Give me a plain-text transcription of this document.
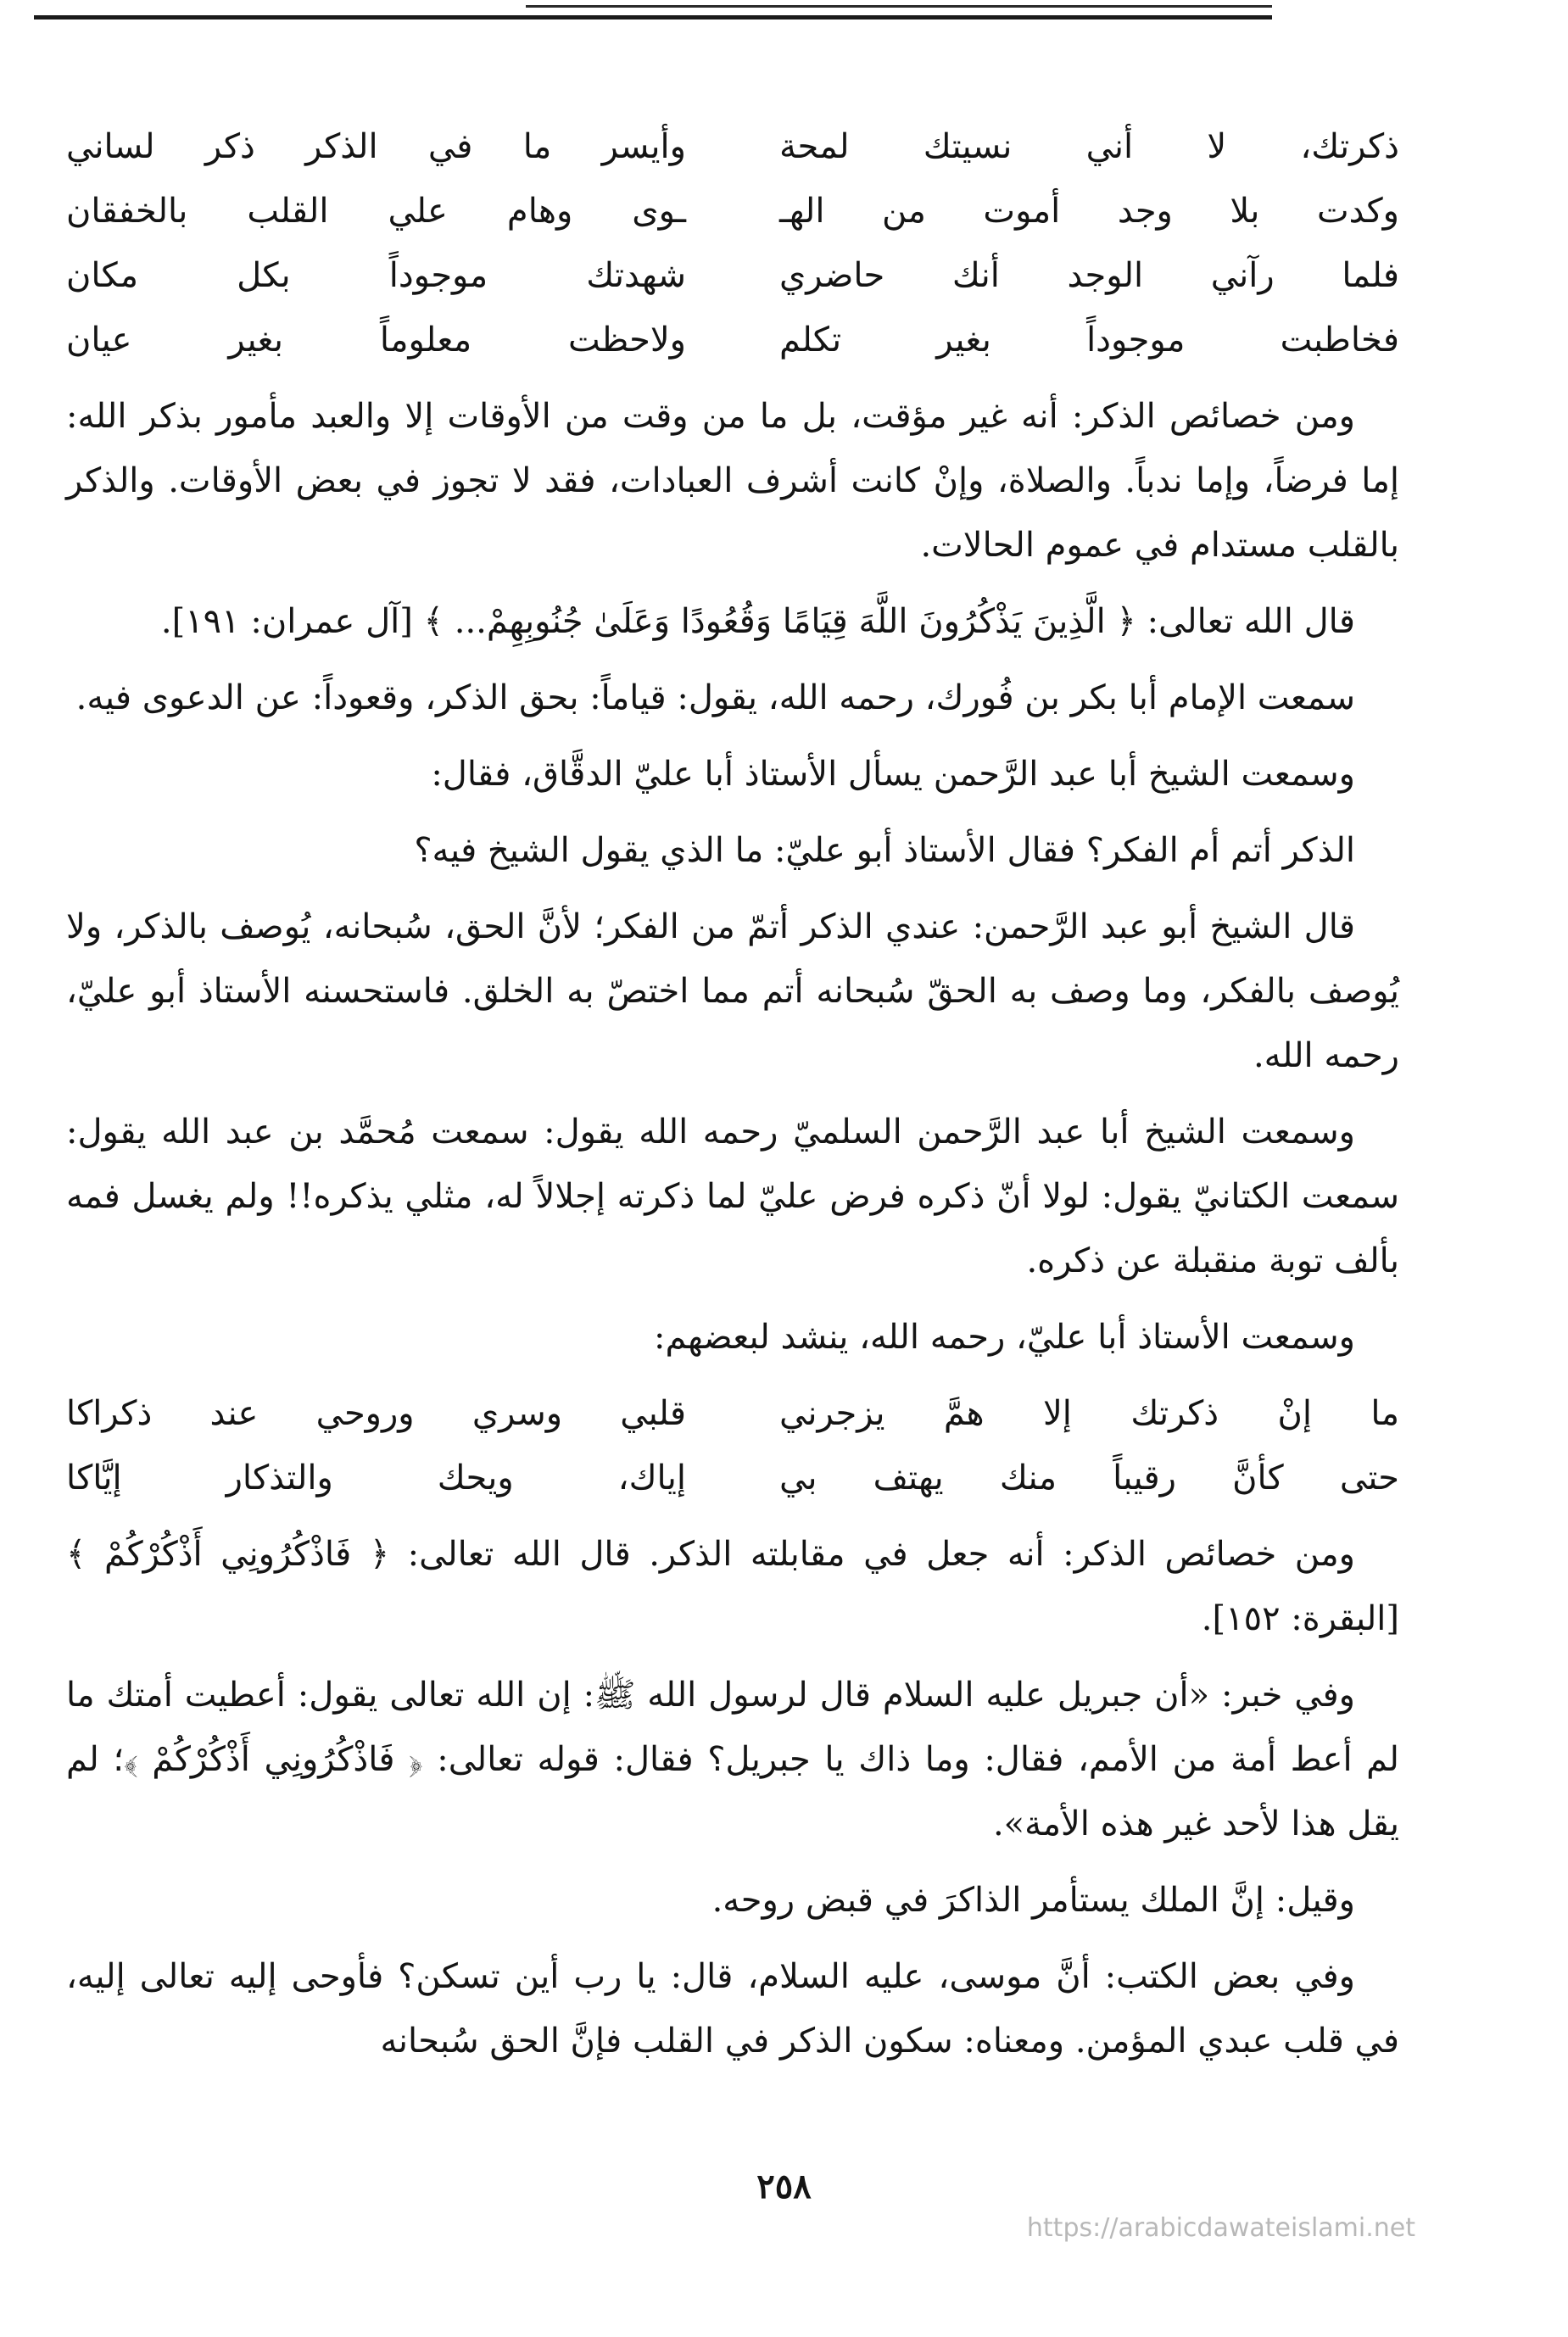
ذكرتك، لا أني نسيتك لمحة
وأيسر ما في الذكر ذكر لساني
وكدت بلا وجد أموت من الهـ
ـوى وهام علي القلب بالخفقان
فلما رآني الوجد أنك حاضري
شهدتك موجوداً بكل مكان
فخاطبت موجوداً بغير تكلم
ولاحظت معلوماً بغير عيان

ومن خصائص الذكر: أنه غير مؤقت، بل ما من وقت من الأوقات إلا والعبد مأمور بذكر الله: إما فرضاً، وإما ندباً. والصلاة، وإنْ كانت أشرف العبادات، فقد لا تجوز في بعض الأوقات. والذكر بالقلب مستدام في عموم الحالات.

قال الله تعالى: ﴿ الَّذِينَ يَذْكُرُونَ اللَّهَ قِيَامًا وَقُعُودًا وَعَلَىٰ جُنُوبِهِمْ... ﴾ [آل عمران: ١٩١].

سمعت الإمام أبا بكر بن فُورك، رحمه الله، يقول: قياماً: بحق الذكر، وقعوداً: عن الدعوى فيه.

وسمعت الشيخ أبا عبد الرَّحمن يسأل الأستاذ أبا عليّ الدقَّاق، فقال:

الذكر أتم أم الفكر؟ فقال الأستاذ أبو عليّ: ما الذي يقول الشيخ فيه؟

قال الشيخ أبو عبد الرَّحمن: عندي الذكر أتمّ من الفكر؛ لأنَّ الحق، سُبحانه، يُوصف بالذكر، ولا يُوصف بالفكر، وما وصف به الحقّ سُبحانه أتم مما اختصّ به الخلق. فاستحسنه الأستاذ أبو عليّ، رحمه الله.

وسمعت الشيخ أبا عبد الرَّحمن السلميّ رحمه الله يقول: سمعت مُحمَّد بن عبد الله يقول: سمعت الكتانيّ يقول: لولا أنّ ذكره فرض عليّ لما ذكرته إجلالاً له، مثلي يذكره!! ولم يغسل فمه بألف توبة منقبلة عن ذكره.

وسمعت الأستاذ أبا عليّ، رحمه الله، ينشد لبعضهم:

ما إنْ ذكرتك إلا همَّ يزجرني
قلبي وسري وروحي عند ذكراكا
حتى كأنَّ رقيباً منك يهتف بي
إياك، ويحك والتذكار إيَّاكا

ومن خصائص الذكر: أنه جعل في مقابلته الذكر. قال الله تعالى: ﴿ فَاذْكُرُونِي أَذْكُرْكُمْ ﴾ [البقرة: ١٥٢].

وفي خبر: «أن جبريل عليه السلام قال لرسول الله ﷺ: إن الله تعالى يقول: أعطيت أمتك ما لم أعط أمة من الأمم، فقال: وما ذاك يا جبريل؟ فقال: قوله تعالى: ﴿ فَاذْكُرُونِي أَذْكُرْكُمْ ﴾؛ لم يقل هذا لأحد غير هذه الأمة».

وقيل: إنَّ الملك يستأمر الذاكرَ في قبض روحه.

وفي بعض الكتب: أنَّ موسى، عليه السلام، قال: يا رب أين تسكن؟ فأوحى إليه تعالى إليه، في قلب عبدي المؤمن. ومعناه: سكون الذكر في القلب فإنَّ الحق سُبحانه

٢٥٨
https://arabicdawateislami.net
